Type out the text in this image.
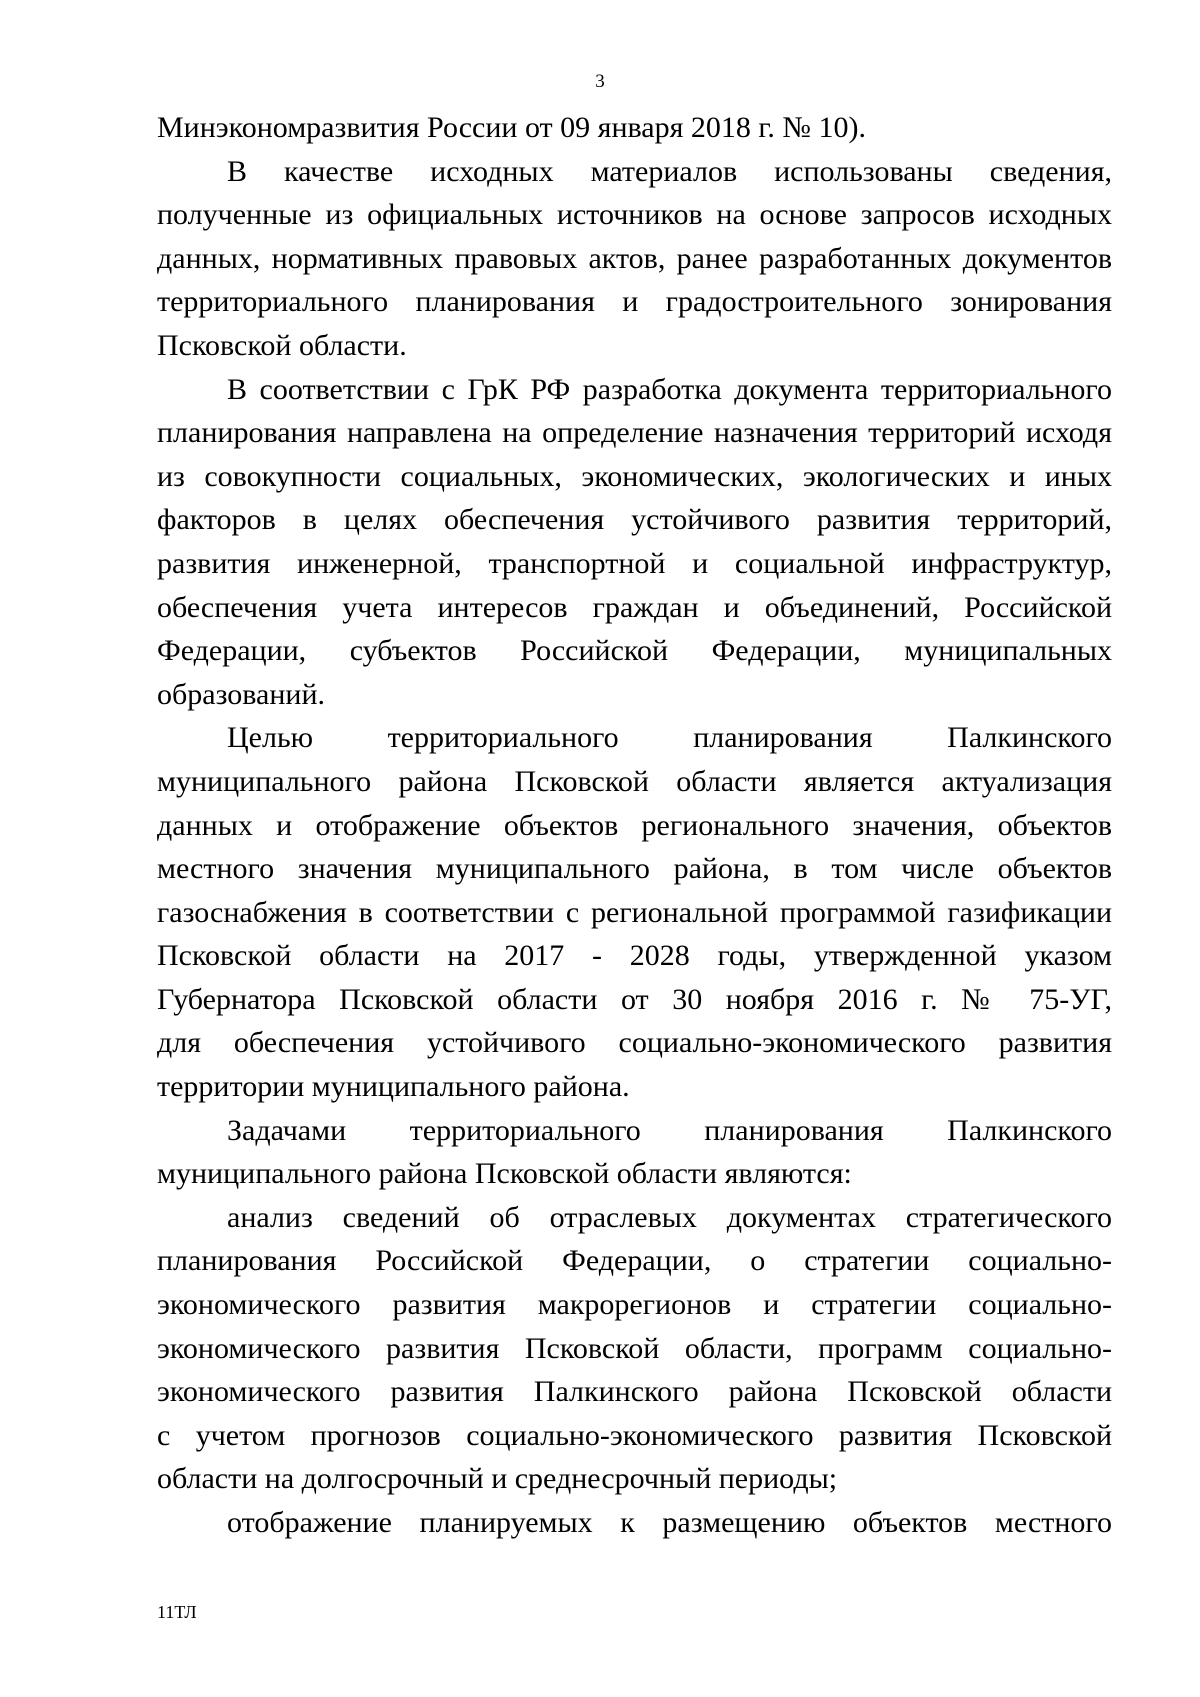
3
Минэкономразвития России от 09 января 2018 г. № 10).
В качестве исходных материалов использованы сведения,
полученные из официальных источников на основе запросов исходных
данных, нормативных правовых актов, ранее разработанных документов
территориального планирования и градостроительного зонирования
Псковской области.
В соответствии с ГрК РФ разработка документа территориального
планирования направлена на определение назначения территорий исходя
из совокупности социальных, экономических, экологических и иных
факторов в целях обеспечения устойчивого развития территорий,
развития инженерной, транспортной и социальной инфраструктур,
обеспечения учета интересов граждан и объединений, Российской
Федерации, субъектов Российской Федерации, муниципальных
образований.
Целью территориального планирования Палкинского
муниципального района Псковской области является актуализация
данных и отображение объектов регионального значения, объектов
местного значения муниципального района, в том числе объектов
газоснабжения в соответствии с региональной программой газификации
Псковской области на 2017 - 2028 годы, утвержденной указом
Губернатора Псковской области от 30 ноября 2016 г. № 75-УГ,
для обеспечения устойчивого социально-экономического развития
территории муниципального района.
Задачами территориального планирования Палкинского
муниципального района Псковской области являются:
анализ сведений об отраслевых документах стратегического
планирования Российской Федерации, о стратегии социально-
экономического развития макрорегионов и стратегии социально-
экономического развития Псковской области, программ социально-
экономического развития Палкинского района Псковской области
с учетом прогнозов социально-экономического развития Псковской
области на долгосрочный и среднесрочный периоды;
отображение планируемых к размещению объектов местного
11ТЛ
